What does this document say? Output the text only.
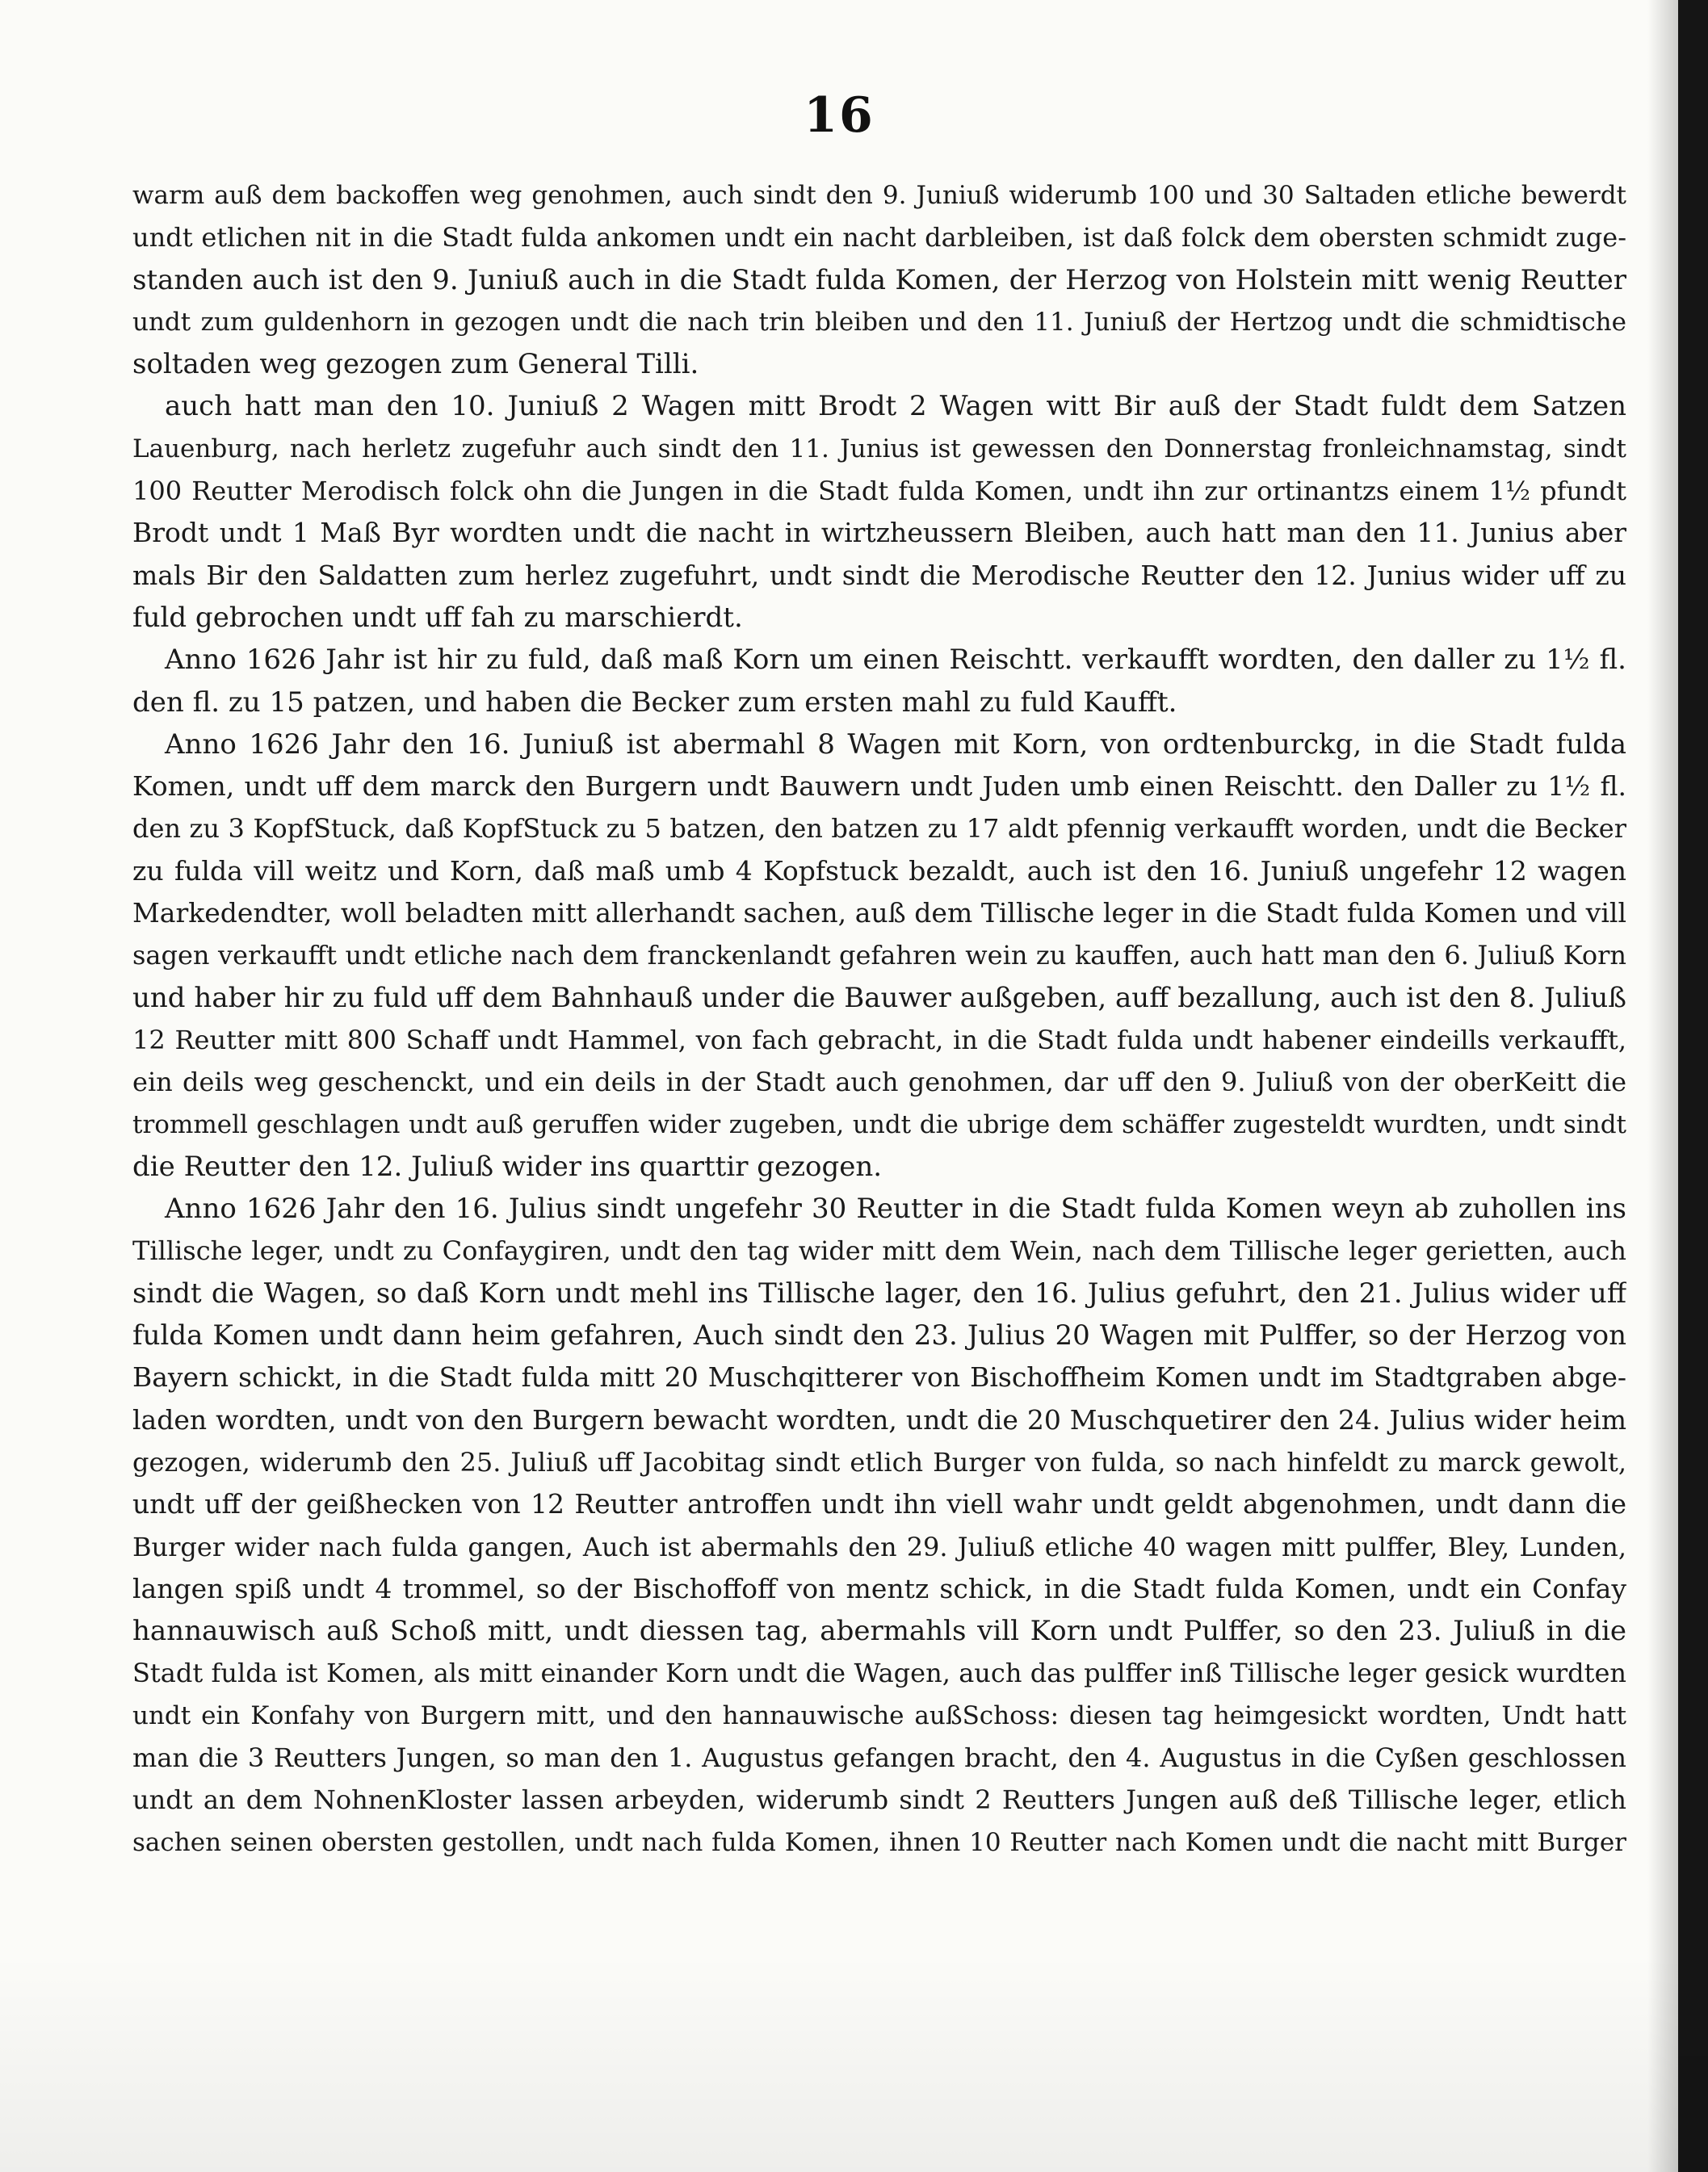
16
warm auß dem backoffen weg genohmen, auch sindt den 9. Juniuß widerumb 100 und 30 Saltaden etliche bewerdt
undt etlichen nit in die Stadt fulda ankomen undt ein nacht darbleiben, ist daß folck dem obersten schmidt zuge-
standen auch ist den 9. Juniuß auch in die Stadt fulda Komen, der Herzog von Holstein mitt wenig Reutter
undt zum guldenhorn in gezogen undt die nach trin bleiben und den 11. Juniuß der Hertzog undt die schmidtische
soltaden weg gezogen zum General Tilli.
auch hatt man den 10. Juniuß 2 Wagen mitt Brodt 2 Wagen witt Bir auß der Stadt fuldt dem Satzen
Lauenburg, nach herletz zugefuhr auch sindt den 11. Junius ist gewessen den Donnerstag fronleichnamstag, sindt
100 Reutter Merodisch folck ohn die Jungen in die Stadt fulda Komen, undt ihn zur ortinantzs einem 1½ pfundt
Brodt undt 1 Maß Byr wordten undt die nacht in wirtzheussern Bleiben, auch hatt man den 11. Junius aber
mals Bir den Saldatten zum herlez zugefuhrt, undt sindt die Merodische Reutter den 12. Junius wider uff zu
fuld gebrochen undt uff fah zu marschierdt.
Anno 1626 Jahr ist hir zu fuld, daß maß Korn um einen Reischtt. verkaufft wordten, den daller zu 1½ fl.
den fl. zu 15 patzen, und haben die Becker zum ersten mahl zu fuld Kaufft.
Anno 1626 Jahr den 16. Juniuß ist abermahl 8 Wagen mit Korn, von ordtenburckg, in die Stadt fulda
Komen, undt uff dem marck den Burgern undt Bauwern undt Juden umb einen Reischtt. den Daller zu 1½ fl.
den zu 3 KopfStuck, daß KopfStuck zu 5 batzen, den batzen zu 17 aldt pfennig verkaufft worden, undt die Becker
zu fulda vill weitz und Korn, daß maß umb 4 Kopfstuck bezaldt, auch ist den 16. Juniuß ungefehr 12 wagen
Markedendter, woll beladten mitt allerhandt sachen, auß dem Tillische leger in die Stadt fulda Komen und vill
sagen verkaufft undt etliche nach dem franckenlandt gefahren wein zu kauffen, auch hatt man den 6. Juliuß Korn
und haber hir zu fuld uff dem Bahnhauß under die Bauwer außgeben, auff bezallung, auch ist den 8. Juliuß
12 Reutter mitt 800 Schaff undt Hammel, von fach gebracht, in die Stadt fulda undt habener eindeills verkaufft,
ein deils weg geschenckt, und ein deils in der Stadt auch genohmen, dar uff den 9. Juliuß von der oberKeitt die
trommell geschlagen undt auß geruffen wider zugeben, undt die ubrige dem schäffer zugesteldt wurdten, undt sindt
die Reutter den 12. Juliuß wider ins quarttir gezogen.
Anno 1626 Jahr den 16. Julius sindt ungefehr 30 Reutter in die Stadt fulda Komen weyn ab zuhollen ins
Tillische leger, undt zu Confaygiren, undt den tag wider mitt dem Wein, nach dem Tillische leger gerietten, auch
sindt die Wagen, so daß Korn undt mehl ins Tillische lager, den 16. Julius gefuhrt, den 21. Julius wider uff
fulda Komen undt dann heim gefahren, Auch sindt den 23. Julius 20 Wagen mit Pulffer, so der Herzog von
Bayern schickt, in die Stadt fulda mitt 20 Muschqitterer von Bischoffheim Komen undt im Stadtgraben abge-
laden wordten, undt von den Burgern bewacht wordten, undt die 20 Muschquetirer den 24. Julius wider heim
gezogen, widerumb den 25. Juliuß uff Jacobitag sindt etlich Burger von fulda, so nach hinfeldt zu marck gewolt,
undt uff der geißhecken von 12 Reutter antroffen undt ihn viell wahr undt geldt abgenohmen, undt dann die
Burger wider nach fulda gangen, Auch ist abermahls den 29. Juliuß etliche 40 wagen mitt pulffer, Bley, Lunden,
langen spiß undt 4 trommel, so der Bischoffoff von mentz schick, in die Stadt fulda Komen, undt ein Confay
hannauwisch auß Schoß mitt, undt diessen tag, abermahls vill Korn undt Pulffer, so den 23. Juliuß in die
Stadt fulda ist Komen, als mitt einander Korn undt die Wagen, auch das pulffer inß Tillische leger gesick wurdten
undt ein Konfahy von Burgern mitt, und den hannauwische außSchoss: diesen tag heimgesickt wordten, Undt hatt
man die 3 Reutters Jungen, so man den 1. Augustus gefangen bracht, den 4. Augustus in die Cyßen geschlossen
undt an dem NohnenKloster lassen arbeyden, widerumb sindt 2 Reutters Jungen auß deß Tillische leger, etlich
sachen seinen obersten gestollen, undt nach fulda Komen, ihnen 10 Reutter nach Komen undt die nacht mitt Burger
